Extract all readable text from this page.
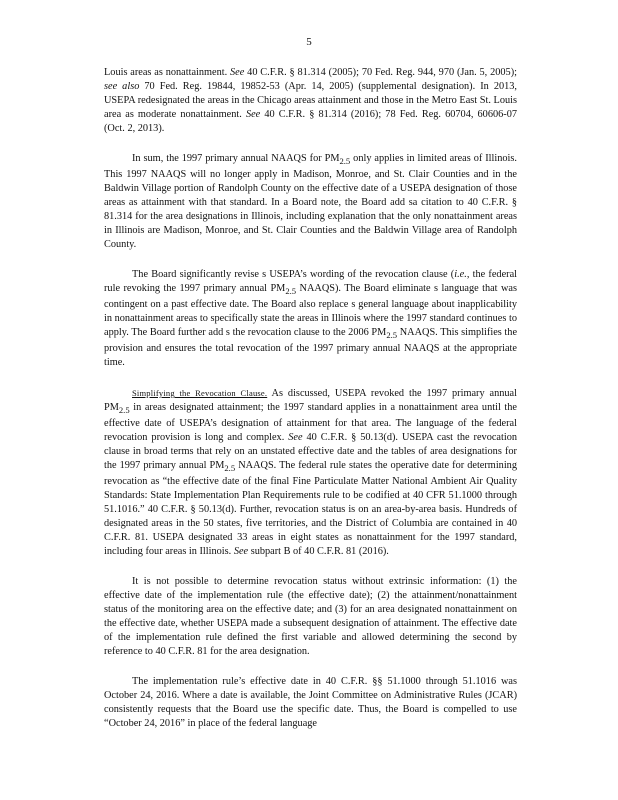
5

Louis areas as nonattainment. See 40 C.F.R. § 81.314 (2005); 70 Fed. Reg. 944, 970 (Jan. 5, 2005); see also 70 Fed. Reg. 19844, 19852-53 (Apr. 14, 2005) (supplemental designation). In 2013, USEPA redesignated the areas in the Chicago areas attainment and those in the Metro East St. Louis area as moderate nonattainment. See 40 C.F.R. § 81.314 (2016); 78 Fed. Reg. 60704, 60606-07 (Oct. 2, 2013).

In sum, the 1997 primary annual NAAQS for $PM_{2.5}$ only applies in limited areas of Illinois. This 1997 NAAQS will no longer apply in Madison, Monroe, and St. Clair Counties and in the Baldwin Village portion of Randolph County on the effective date of a USEPA designation of those areas as attainment with that standard. In a Board note, the Board add sa citation to 40 C.F.R. § 81.314 for the area designations in Illinois, including explanation that the only nonattainment areas in Illinois are Madison, Monroe, and St. Clair Counties and the Baldwin Village area of Randolph County.

The Board significantly revise s USEPA’s wording of the revocation clause (i.e., the federal rule revoking the 1997 primary annual $PM_{2.5}$ NAAQS). The Board eliminate s language that was contingent on a past effective date. The Board also replace s general language about inapplicability in nonattainment areas to specifically state the areas in Illinois where the 1997 standard continues to apply. The Board further add s the revocation clause to the 2006 $PM_{2.5}$ NAAQS. This simplifies the provision and ensures the total revocation of the 1997 primary annual NAAQS at the appropriate time.

Simplifying the Revocation Clause. As discussed, USEPA revoked the 1997 primary annual $PM_{2.5}$ in areas designated attainment; the 1997 standard applies in a nonattainment area until the effective date of USEPA’s designation of attainment for that area. The language of the federal revocation provision is long and complex. See 40 C.F.R. § 50.13(d). USEPA cast the revocation clause in broad terms that rely on an unstated effective date and the tables of area designations for the 1997 primary annual $PM_{2.5}$ NAAQS. The federal rule states the operative date for determining revocation as “the effective date of the final Fine Particulate Matter National Ambient Air Quality Standards: State Implementation Plan Requirements rule to be codified at 40 CFR 51.1000 through 51.1016.” 40 C.F.R. § 50.13(d). Further, revocation status is on an area-by-area basis. Hundreds of designated areas in the 50 states, five territories, and the District of Columbia are contained in 40 C.F.R. 81. USEPA designated 33 areas in eight states as nonattainment for the 1997 standard, including four areas in Illinois. See subpart B of 40 C.F.R. 81 (2016).

It is not possible to determine revocation status without extrinsic information: (1) the effective date of the implementation rule (the effective date); (2) the attainment/nonattainment status of the monitoring area on the effective date; and (3) for an area designated nonattainment on the effective date, whether USEPA made a subsequent designation of attainment. The effective date of the implementation rule defined the first variable and allowed determining the second by reference to 40 C.F.R. 81 for the area designation.

The implementation rule’s effective date in 40 C.F.R. §§ 51.1000 through 51.1016 was October 24, 2016. Where a date is available, the Joint Committee on Administrative Rules (JCAR) consistently requests that the Board use the specific date. Thus, the Board is compelled to use “October 24, 2016” in place of the federal language
